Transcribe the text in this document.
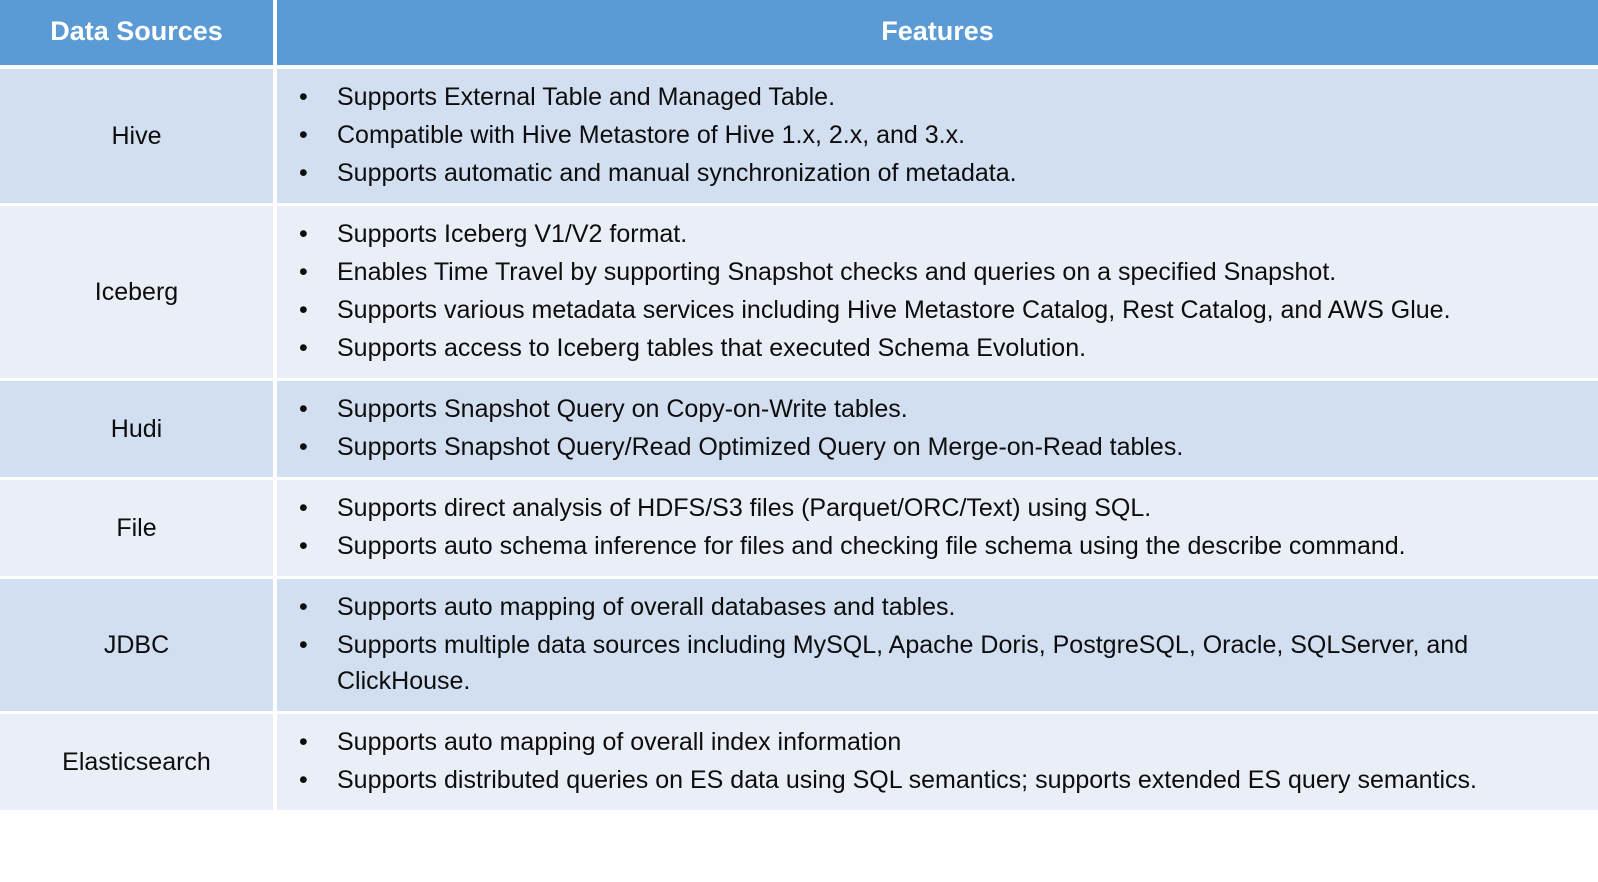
Data Sources	Features
Hive	
• Supports External Table and Managed Table.
• Compatible with Hive Metastore of Hive 1.x, 2.x, and 3.x.
• Supports automatic and manual synchronization of metadata.

Iceberg	
• Supports Iceberg V1/V2 format.
• Enables Time Travel by supporting Snapshot checks and queries on a specified Snapshot.
• Supports various metadata services including Hive Metastore Catalog, Rest Catalog, and AWS Glue.
• Supports access to Iceberg tables that executed Schema Evolution.

Hudi	
• Supports Snapshot Query on Copy-on-Write tables.
• Supports Snapshot Query/Read Optimized Query on Merge-on-Read tables.

File	
• Supports direct analysis of HDFS/S3 files (Parquet/ORC/Text) using SQL.
• Supports auto schema inference for files and checking file schema using the describe command.

JDBC	
• Supports auto mapping of overall databases and tables.
• Supports multiple data sources including MySQL, Apache Doris, PostgreSQL, Oracle, SQLServer, and ClickHouse.

Elasticsearch	
• Supports auto mapping of overall index information
• Supports distributed queries on ES data using SQL semantics; supports extended ES query semantics.
